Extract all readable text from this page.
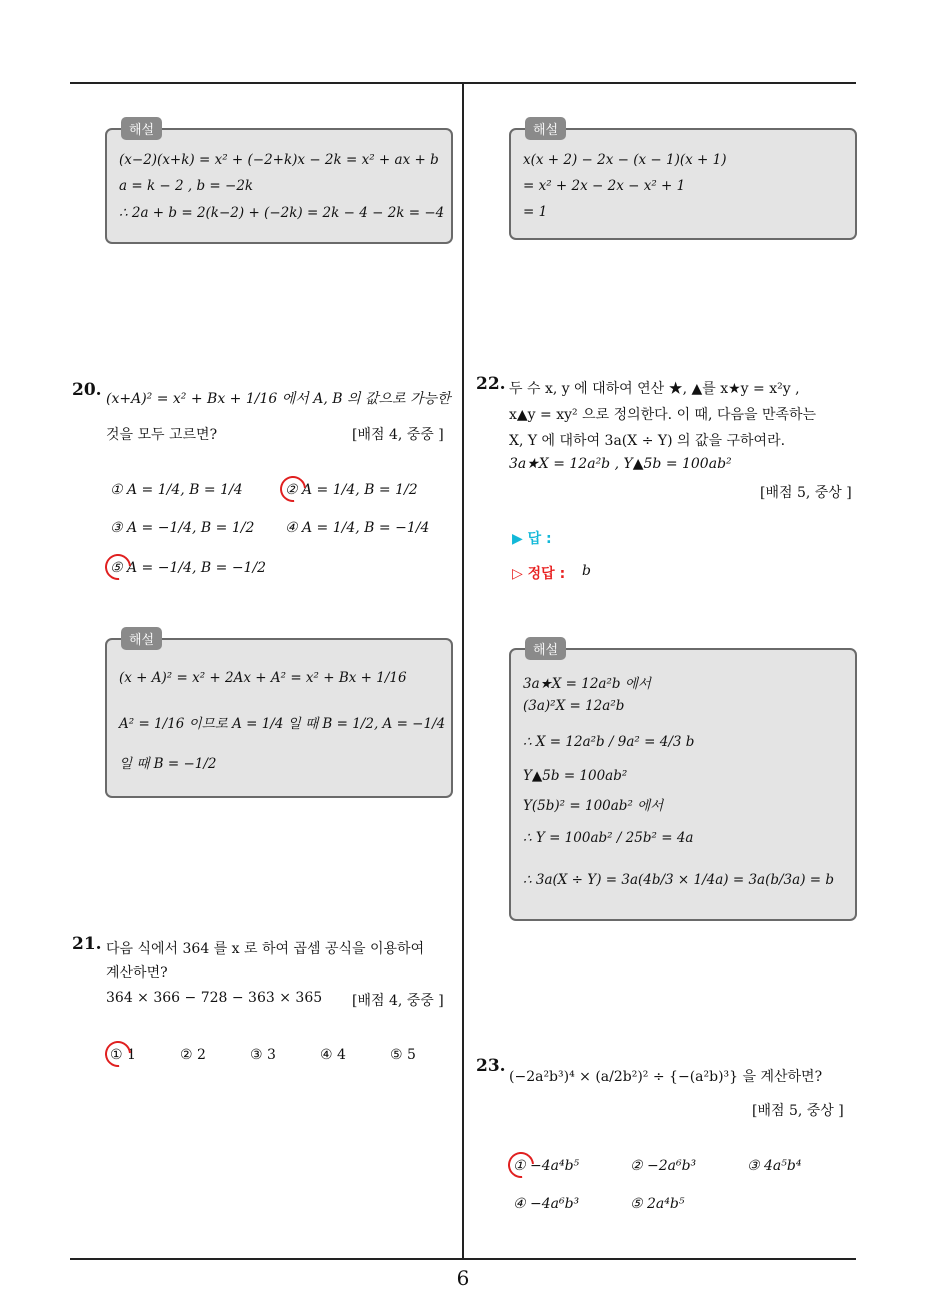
해설
(x−2)(x+k) = x² + (−2+k)x − 2k = x² + ax + b
a = k − 2 , b = −2k
∴ 2a + b = 2(k−2) + (−2k) = 2k − 4 − 2k = −4
20. (x+A)² = x² + Bx + 1/16 에서 A, B 의 값으로 가능한
것을 모두 고르면?	[배점 4, 중중 ]
① A = 1/4, B = 1/4	② A = 1/4, B = 1/2
③ A = −1/4, B = 1/2 ④ A = 1/4, B = −1/4
⑤ A = −1/4, B = −1/2
해설
(x + A)² = x² + 2Ax + A² = x² + Bx + 1/16
A² = 1/16 이므로 A = 1/4 일 때 B = 1/2, A = −1/4
일 때 B = −1/2
21. 다음 식에서 364 를 x 로 하여 곱셈 공식을 이용하여
계산하면?
364 × 366 − 728 − 363 × 365 [배점 4, 중중 ]
① 1	② 2	③ 3	④ 4	⑤ 5
해설
x(x + 2) − 2x − (x − 1)(x + 1)
= x² + 2x − 2x − x² + 1
= 1
22. 두 수 x, y 에 대하여 연산 ★, ▲를 x★y = x²y ,
x▲y = xy² 으로 정의한다. 이 때, 다음을 만족하는
X, Y 에 대하여 3a(X ÷ Y) 의 값을 구하여라.
3a★X = 12a²b , Y▲5b = 100ab²
[배점 5, 중상 ]
▶ 답 :
▷ 정답 : b
해설
3a★X = 12a²b 에서
(3a)²X = 12a²b
∴ X = 12a²b / 9a² = 4/3 b
Y▲5b = 100ab²
Y(5b)² = 100ab² 에서
∴ Y = 100ab² / 25b² = 4a
∴ 3a(X ÷ Y) = 3a(4b/3 × 1/4a) = 3a(b/3a) = b
23.
(−2a²b³)⁴ × (a/2b²)² ÷ {−(a²b)³} 을 계산하면?
[배점 5, 중상 ]
① −4a⁴b⁵	② −2a⁶b³	③ 4a⁵b⁴
④ −4a⁶b³	⑤ 2a⁴b⁵
6
